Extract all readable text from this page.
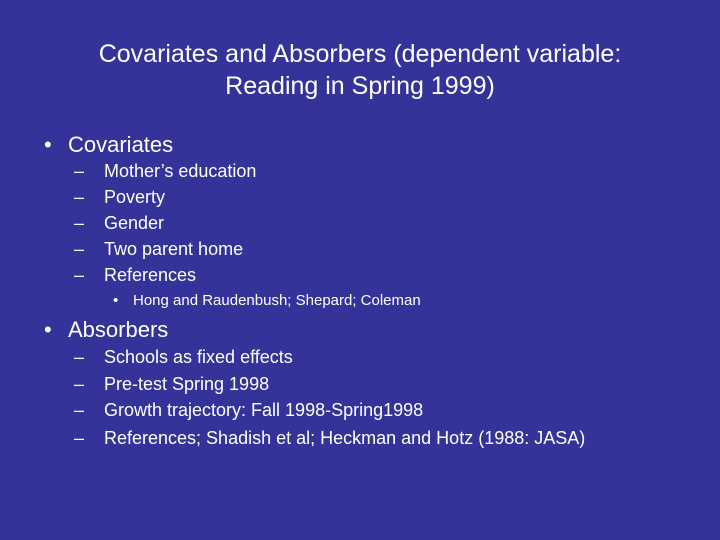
Covariates and Absorbers (dependent variable:
Reading in Spring 1999)
• Covariates
– Mother’s education
– Poverty
– Gender
– Two parent home
– References
• Hong and Raudenbush; Shepard; Coleman
• Absorbers
– Schools as fixed effects
– Pre-test Spring 1998
– Growth trajectory: Fall 1998-Spring1998
– References; Shadish et al; Heckman and Hotz (1988: JASA)
